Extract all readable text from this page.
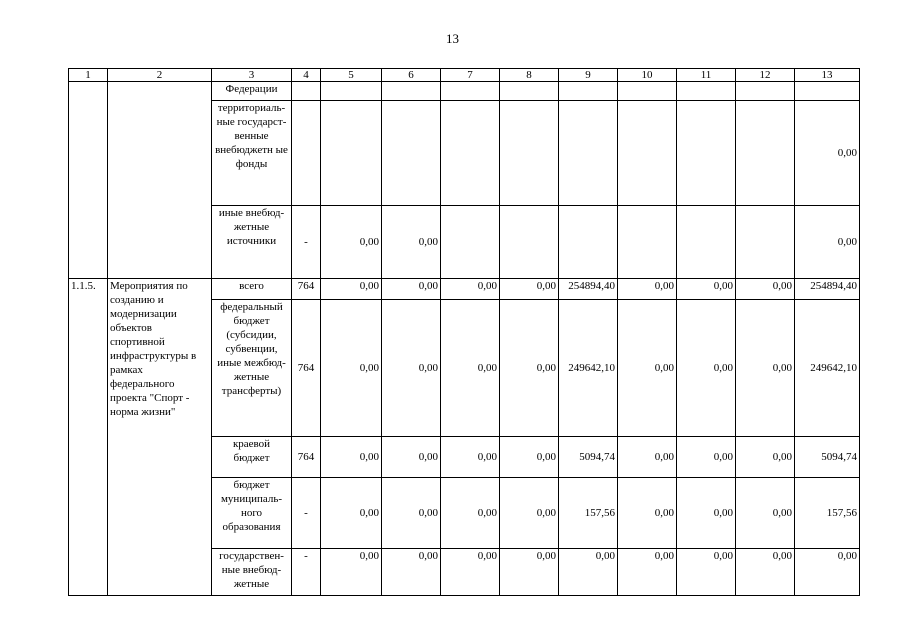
13
1	2	3	4	5	6	7	8	9	10	11	12	13
		Федерации										
		территориаль-ные государст-венные внебюджетн ые фонды										0,00
		иные внебюд-жетные источники	-	0,00	0,00							0,00
1.1.5.	Мероприятия по созданию и модернизации объектов спортивной инфраструктуры в рамках федерального проекта "Спорт - норма жизни"	всего	764	0,00	0,00	0,00	0,00	254894,40	0,00	0,00	0,00	254894,40
		федеральный бюджет (субсидии, субвенции, иные межбюд-жетные трансферты)	764	0,00	0,00	0,00	0,00	249642,10	0,00	0,00	0,00	249642,10
		краевой бюджет	764	0,00	0,00	0,00	0,00	5094,74	0,00	0,00	0,00	5094,74
		бюджет муниципаль-ного образования	-	0,00	0,00	0,00	0,00	157,56	0,00	0,00	0,00	157,56
		государствен-ные внебюд-жетные	-	0,00	0,00	0,00	0,00	0,00	0,00	0,00	0,00	0,00
